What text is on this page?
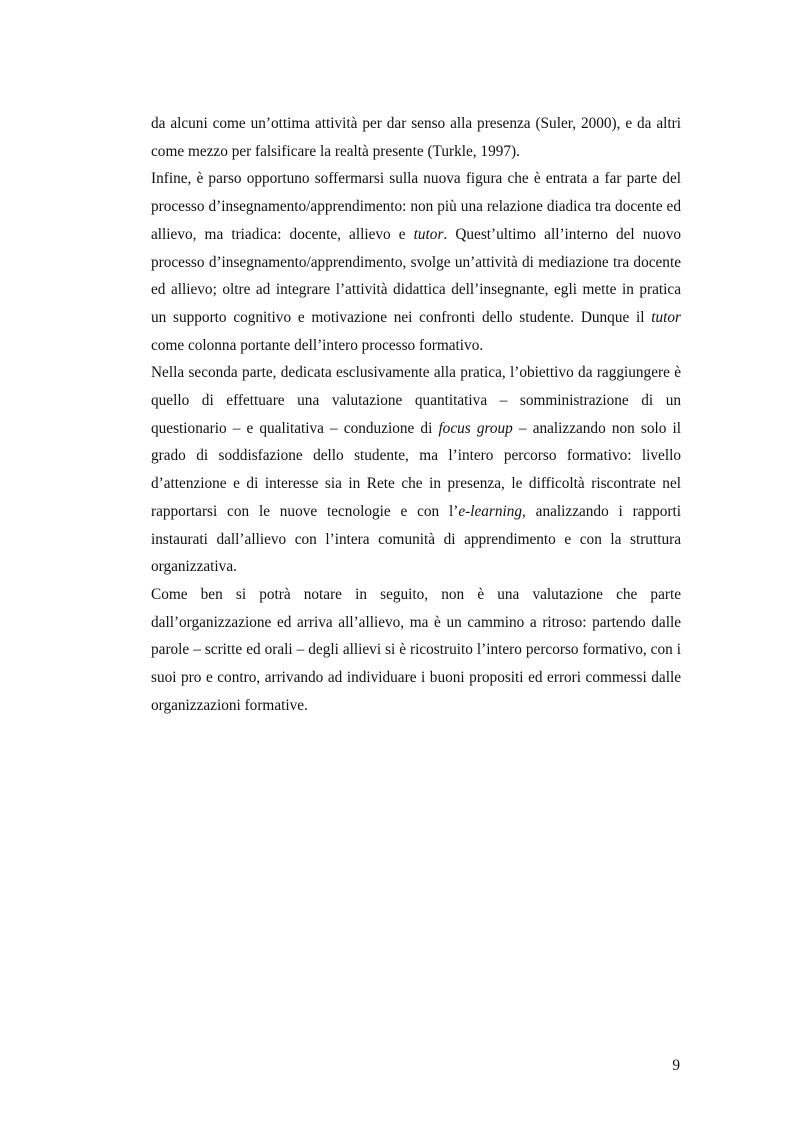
da alcuni come un’ottima attività per dar senso alla presenza (Suler, 2000), e da altri come mezzo per falsificare la realtà presente (Turkle, 1997).

Infine, è parso opportuno soffermarsi sulla nuova figura che è entrata a far parte del processo d’insegnamento/apprendimento: non più una relazione diadica tra docente ed allievo, ma triadica: docente, allievo e tutor. Quest’ultimo all’interno del nuovo processo d’insegnamento/apprendimento, svolge un’attività di mediazione tra docente ed allievo; oltre ad integrare l’attività didattica dell’insegnante, egli mette in pratica un supporto cognitivo e motivazione nei confronti dello studente. Dunque il tutor come colonna portante dell’intero processo formativo.

Nella seconda parte, dedicata esclusivamente alla pratica, l’obiettivo da raggiungere è quello di effettuare una valutazione quantitativa – somministrazione di un questionario – e qualitativa – conduzione di focus group – analizzando non solo il grado di soddisfazione dello studente, ma l’intero percorso formativo: livello d’attenzione e di interesse sia in Rete che in presenza, le difficoltà riscontrate nel rapportarsi con le nuove tecnologie e con l’e-learning, analizzando i rapporti instaurati dall’allievo con l’intera comunità di apprendimento e con la struttura organizzativa.

Come ben si potrà notare in seguito, non è una valutazione che parte dall’organizzazione ed arriva all’allievo, ma è un cammino a ritroso: partendo dalle parole – scritte ed orali – degli allievi si è ricostruito l’intero percorso formativo, con i suoi pro e contro, arrivando ad individuare i buoni propositi ed errori commessi dalle organizzazioni formative.

9
